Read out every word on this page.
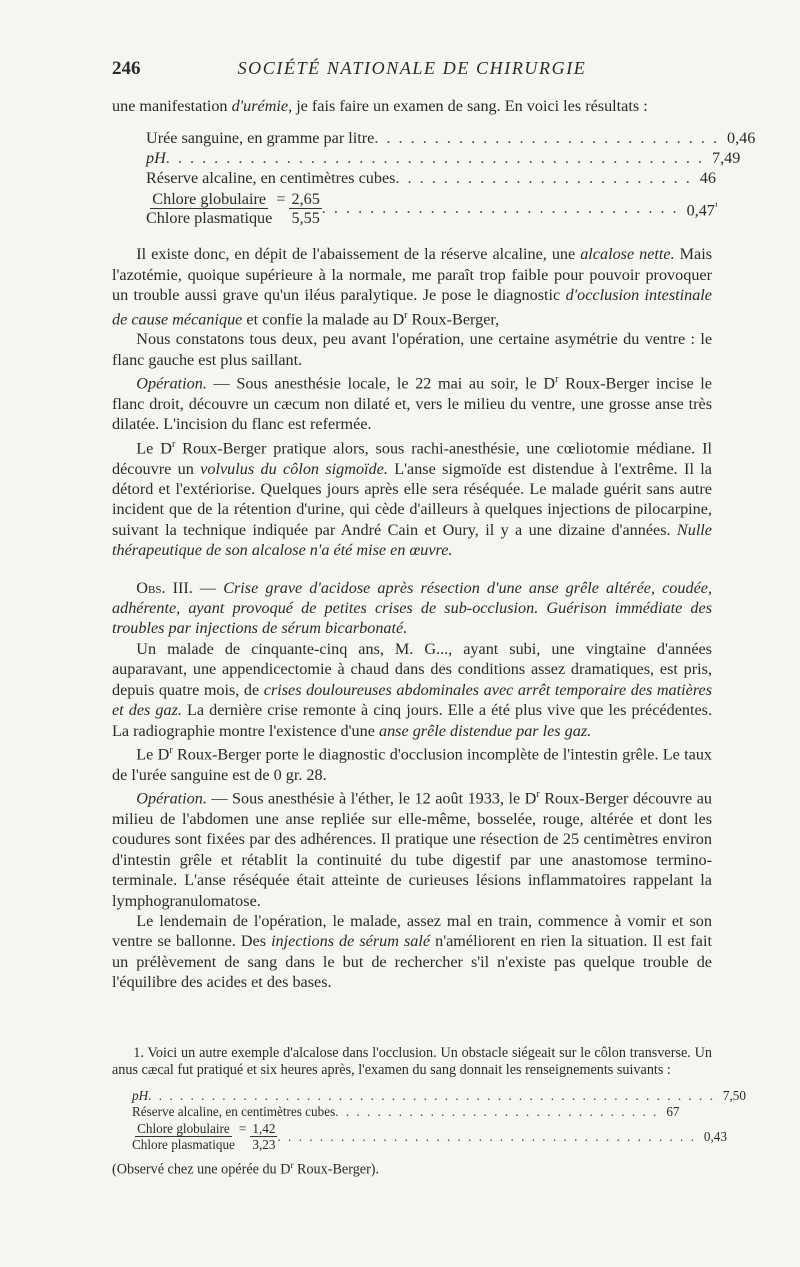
246	SOCIÉTÉ NATIONALE DE CHIRURGIE

une manifestation d'urémie, je fais faire un examen de sang. En voici les résultats :

Urée sanguine, en gramme par litre . . . . . . . . . . . . . . . . . . . . . . . . . . . . . 0,46
pH . . . . . . . . . . . . . . . . . . . . . . . . . . . . . . . . . . . . . . . . . . . . . 7,49
Réserve alcaline, en centimètres cubes . . . . . . . . . . . . . . . . . . . . . . . . . 46
$\frac{\text{Chlore globulaire}}{\text{Chlore plasmatique}} = \frac{2,65}{5,55}$ . . . . . . . . . . . . . . . . . . . . . . . . . . . . . . $0,47^{^1}$

Il existe donc, en dépit de l'abaissement de la réserve alcaline, une alcalose nette. Mais l'azotémie, quoique supérieure à la normale, me paraît trop faible pour pouvoir provoquer un trouble aussi grave qu'un iléus paralytique. Je pose le diagnostic d'occlusion intestinale de cause mécanique et confie la malade au $D^r$ Roux-Berger,

Nous constatons tous deux, peu avant l'opération, une certaine asymétrie du ventre : le flanc gauche est plus saillant.

Opération. — Sous anesthésie locale, le 22 mai au soir, le $D^r$ Roux-Berger incise le flanc droit, découvre un cæcum non dilaté et, vers le milieu du ventre, une grosse anse très dilatée. L'incision du flanc est refermée.

Le $D^r$ Roux-Berger pratique alors, sous rachi-anesthésie, une cœliotomie médiane. Il découvre un volvulus du côlon sigmoïde. L'anse sigmoïde est distendue à l'extrême. Il la détord et l'extériorise. Quelques jours après elle sera réséquée. Le malade guérit sans autre incident que de la rétention d'urine, qui cède d'ailleurs à quelques injections de pilocarpine, suivant la technique indiquée par André Cain et Oury, il y a une dizaine d'années. Nulle thérapeutique de son alcalose n'a été mise en œuvre.

Obs. III. — Crise grave d'acidose après résection d'une anse grêle altérée, coudée, adhérente, ayant provoqué de petites crises de sub-occlusion. Guérison immédiate des troubles par injections de sérum bicarbonaté.

Un malade de cinquante-cinq ans, M. G..., ayant subi, une vingtaine d'années auparavant, une appendicectomie à chaud dans des conditions assez dramatiques, est pris, depuis quatre mois, de crises douloureuses abdominales avec arrêt temporaire des matières et des gaz. La dernière crise remonte à cinq jours. Elle a été plus vive que les précédentes. La radiographie montre l'existence d'une anse grêle distendue par les gaz.

Le $D^r$ Roux-Berger porte le diagnostic d'occlusion incomplète de l'intestin grêle. Le taux de l'urée sanguine est de 0 gr. 28.

Opération. — Sous anesthésie à l'éther, le 12 août 1933, le $D^r$ Roux-Berger découvre au milieu de l'abdomen une anse repliée sur elle-même, bosselée, rouge, altérée et dont les coudures sont fixées par des adhérences. Il pratique une résection de 25 centimètres environ d'intestin grêle et rétablit la continuité du tube digestif par une anastomose termino-terminale. L'anse réséquée était atteinte de curieuses lésions inflammatoires rappelant la lymphogranulomatose.

Le lendemain de l'opération, le malade, assez mal en train, commence à vomir et son ventre se ballonne. Des injections de sérum salé n'améliorent en rien la situation. Il est fait un prélèvement de sang dans le but de rechercher s'il n'existe pas quelque trouble de l'équilibre des acides et des bases.

1. Voici un autre exemple d'alcalose dans l'occlusion. Un obstacle siégeait sur le côlon transverse. Un anus cæcal fut pratiqué et six heures après, l'examen du sang donnait les renseignements suivants :

pH . . . . . . . . . . . . . . . . . . . . . . . . . . . . . . . . . . . . . . . . . . . . . . . . . . . . . . 7,50
Réserve alcaline, en centimètres cubes . . . . . . . . . . . . . . . . . . . . . . . . . . . . . . . 67
$\frac{\text{Chlore globulaire}}{\text{Chlore plasmatique}} = \frac{1,42}{3,23}$ . . . . . . . . . . . . . . . . . . . . . . . . . . . . . . . . . . . . . . . . 0,43

(Observé chez une opérée du $D^r$ Roux-Berger).
